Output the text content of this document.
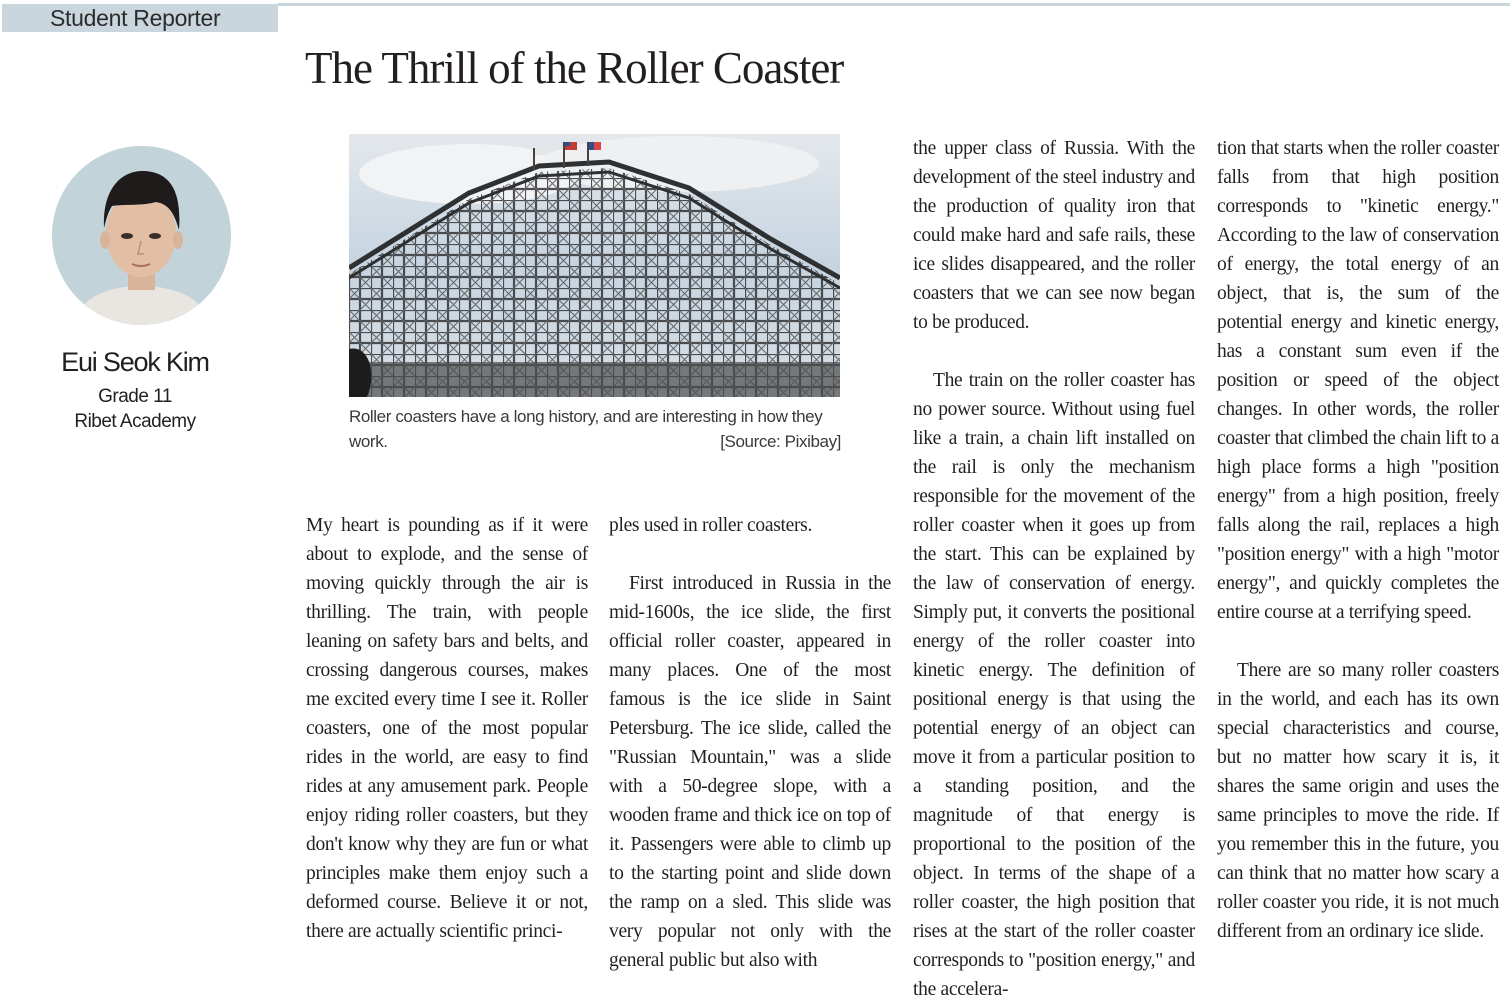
Student Reporter
The Thrill of the Roller Coaster
Eui Seok Kim
Grade 11
Ribet Academy	Roller coasters have a long history, and are interesting in how they work.	[Source: Pixibay]

My heart is pounding as if it were about to explode, and the sense of moving quickly through the air is thrilling. The train, with people leaning on safety bars and belts, and crossing dangerous courses, makes me excited every time I see it. Roller coasters, one of the most popular rides in the world, are easy to find rides at any amusement park. People enjoy riding roller coasters, but they don't know why they are fun or what principles make them enjoy such a deformed course. Believe it or not, there are actually scientific princi-

ples used in roller coasters.

First introduced in Russia in the mid-1600s, the ice slide, the first official roller coaster, appeared in many places. One of the most famous is the ice slide in Saint Petersburg. The ice slide, called the "Russian Mountain," was a slide with a 50-degree slope, with a wooden frame and thick ice on top of it. Passengers were able to climb up to the starting point and slide down the ramp on a sled. This slide was very popular not only with the general public but also with

the upper class of Russia. With the development of the steel industry and the production of quality iron that could make hard and safe rails, these ice slides disappeared, and the roller coasters that we can see now began to be produced.

The train on the roller coaster has no power source. Without using fuel like a train, a chain lift installed on the rail is only the mechanism responsible for the movement of the roller coaster when it goes up from the start. This can be explained by the law of conservation of energy. Simply put, it converts the positional energy of the roller coaster into kinetic energy. The definition of positional energy is that using the potential energy of an object can move it from a particular position to a standing position, and the magnitude of that energy is proportional to the position of the object. In terms of the shape of a roller coaster, the high position that rises at the start of the roller coaster corresponds to "position energy," and the accelera-

tion that starts when the roller coaster falls from that high position corresponds to "kinetic energy." According to the law of conservation of energy, the total energy of an object, that is, the sum of the potential energy and kinetic energy, has a constant sum even if the position or speed of the object changes. In other words, the roller coaster that climbed the chain lift to a high place forms a high "position energy" from a high position, freely falls along the rail, replaces a high "position energy" with a high "motor energy", and quickly completes the entire course at a terrifying speed.

There are so many roller coasters in the world, and each has its own special characteristics and course, but no matter how scary it is, it shares the same origin and uses the same principles to move the ride. If you remember this in the future, you can think that no matter how scary a roller coaster you ride, it is not much different from an ordinary ice slide.
